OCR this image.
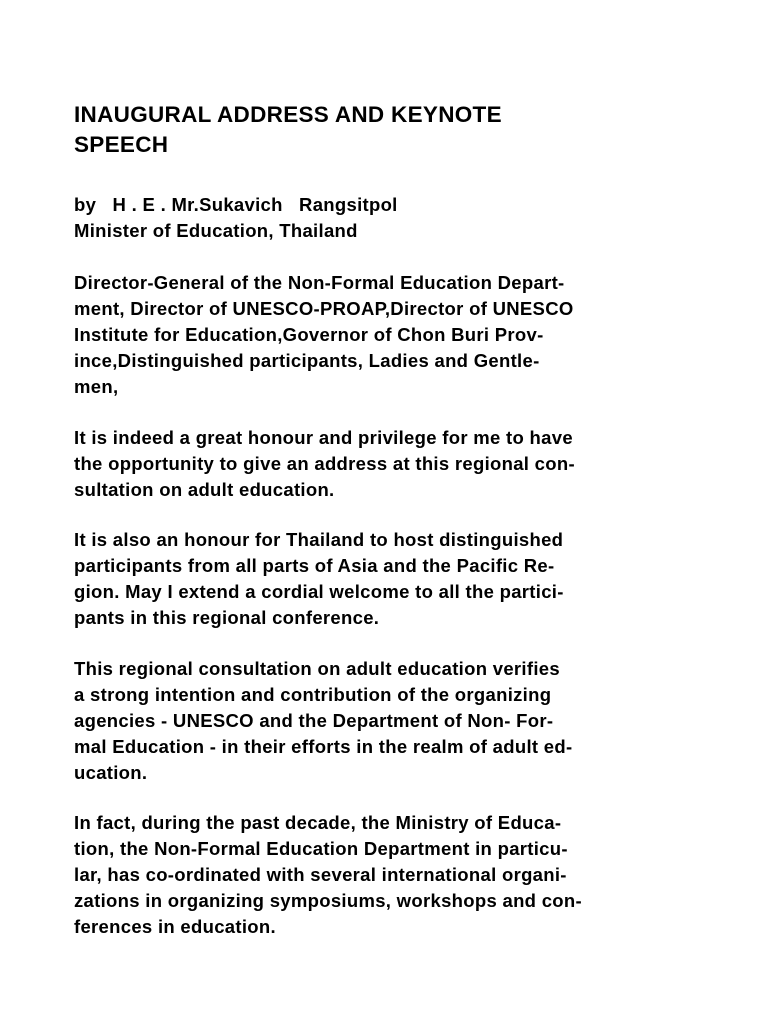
INAUGURAL ADDRESS AND KEYNOTE
SPEECH
by   H . E . Mr.Sukavich   Rangsitpol
Minister of Education, Thailand
Director-General of the Non-Formal Education Depart-
ment, Director of UNESCO-PROAP,Director of UNESCO
Institute for Education,Governor of Chon Buri Prov-
ince,Distinguished participants, Ladies and Gentle-
men,
It is indeed a great honour and privilege for me to have
the opportunity to give an address at this regional con-
sultation on adult education.
It is also an honour for Thailand to host distinguished
participants from all parts of Asia and the Pacific Re-
gion. May I extend a cordial welcome to all the partici-
pants in this regional conference.
This regional consultation on adult education verifies
a strong intention and contribution of the organizing
agencies - UNESCO and the Department of Non- For-
mal Education - in their efforts in the realm of adult ed-
ucation.
In fact, during the past decade, the Ministry of Educa-
tion, the Non-Formal Education Department in particu-
lar, has co-ordinated with several international organi-
zations in organizing symposiums, workshops and con-
ferences in education.
